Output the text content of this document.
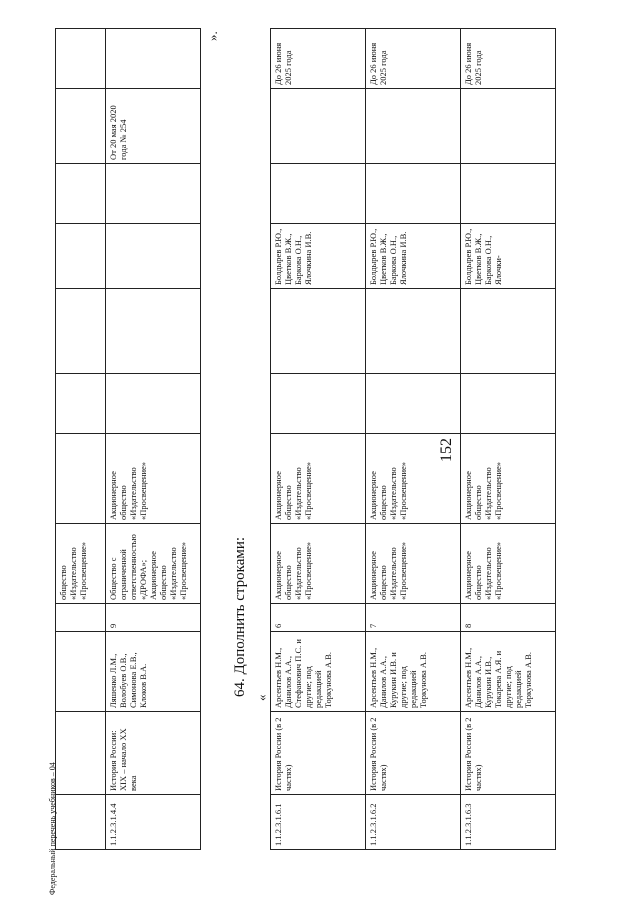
152
				общество
«Издательство
«Просвещение»							
1.1.2.3.1.4.4	История России: XIX – начало XX века	Ляшенко Л.М., Волобуев О.В., Симонова Е.В., Клоков В.А.	9	Общество с ограниченной ответственностью «ДРОФА»; Акционерное общество «Издательство «Просвещение»	Акционерное общество «Издательство «Просвещение»					От 20 мая 2020 года № 254	
».
64. Дополнить строками:
«
1.1.2.3.1.6.1	История России (в 2 частях)	Арсентьев Н.М., Данилов А.А., Стефанович П.С. и другие; под редакцией Торкунова А.В.	6	Акционерное общество «Издательство «Просвещение»	Акционерное общество «Издательство «Просвещение»			Болдырев Р.Ю., Цветков В.Ж., Баркова О.Н., Ялочкина И.В.			До 26 июня 2025 года
1.1.2.3.1.6.2	История России (в 2 частях)	Арсентьев Н.М., Данилов А.А., Курукин И.В. и другие; под редакцией Торкунова А.В.	7	Акционерное общество «Издательство «Просвещение»	Акционерное общество «Издательство «Просвещение»			Болдырев Р.Ю., Цветков В.Ж., Баркова О.Н., Ялочкина И.В.			До 26 июня 2025 года
1.1.2.3.1.6.3	История России (в 2 частях)	Арсентьев Н.М., Данилов А.А., Курукин И.В., Токарева А.Я. и другие; под редакцией Торкунова А.В.	8	Акционерное общество «Издательство «Просвещение»	Акционерное общество «Издательство «Просвещение»			Болдырев Р.Ю., Цветков В.Ж., Баркова О.Н., Ялочки-			До 26 июня 2025 года
Федеральный перечень учебников – 04
